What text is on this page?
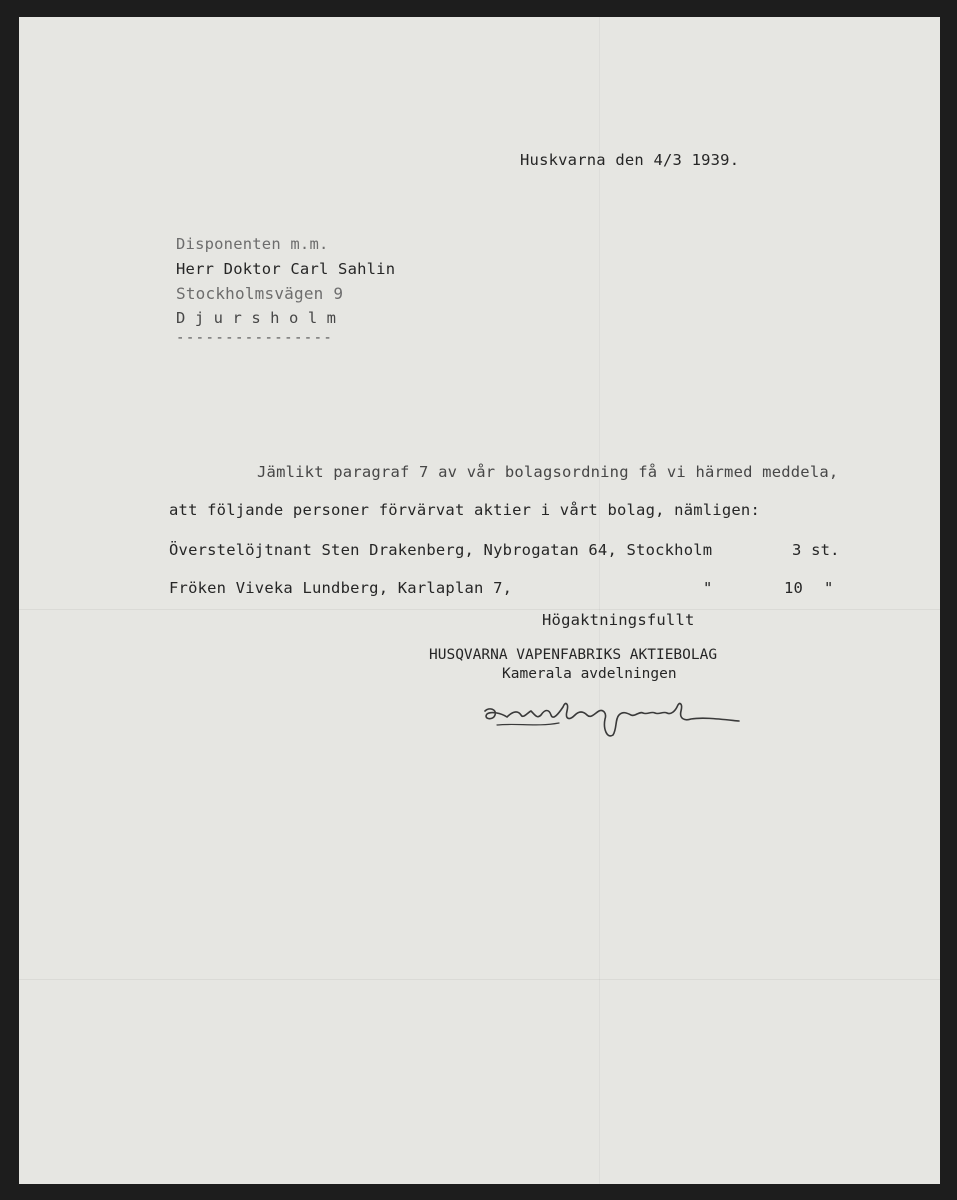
Huskvarna den 4/3 1939.
Disponenten m.m.
Herr Doktor Carl Sahlin
Stockholmsvägen 9
Djursholm
----------------
Jämlikt paragraf 7 av vår bolagsordning få vi härmed meddela,
att följande personer förvärvat aktier i vårt bolag, nämligen:
Överstelöjtnant Sten Drakenberg, Nybrogatan 64, Stockholm	3 st.
Fröken Viveka Lundberg, Karlaplan 7,	"	10 "
Högaktningsfullt
HUSQVARNA VAPENFABRIKS AKTIEBOLAG
Kamerala avdelningen
